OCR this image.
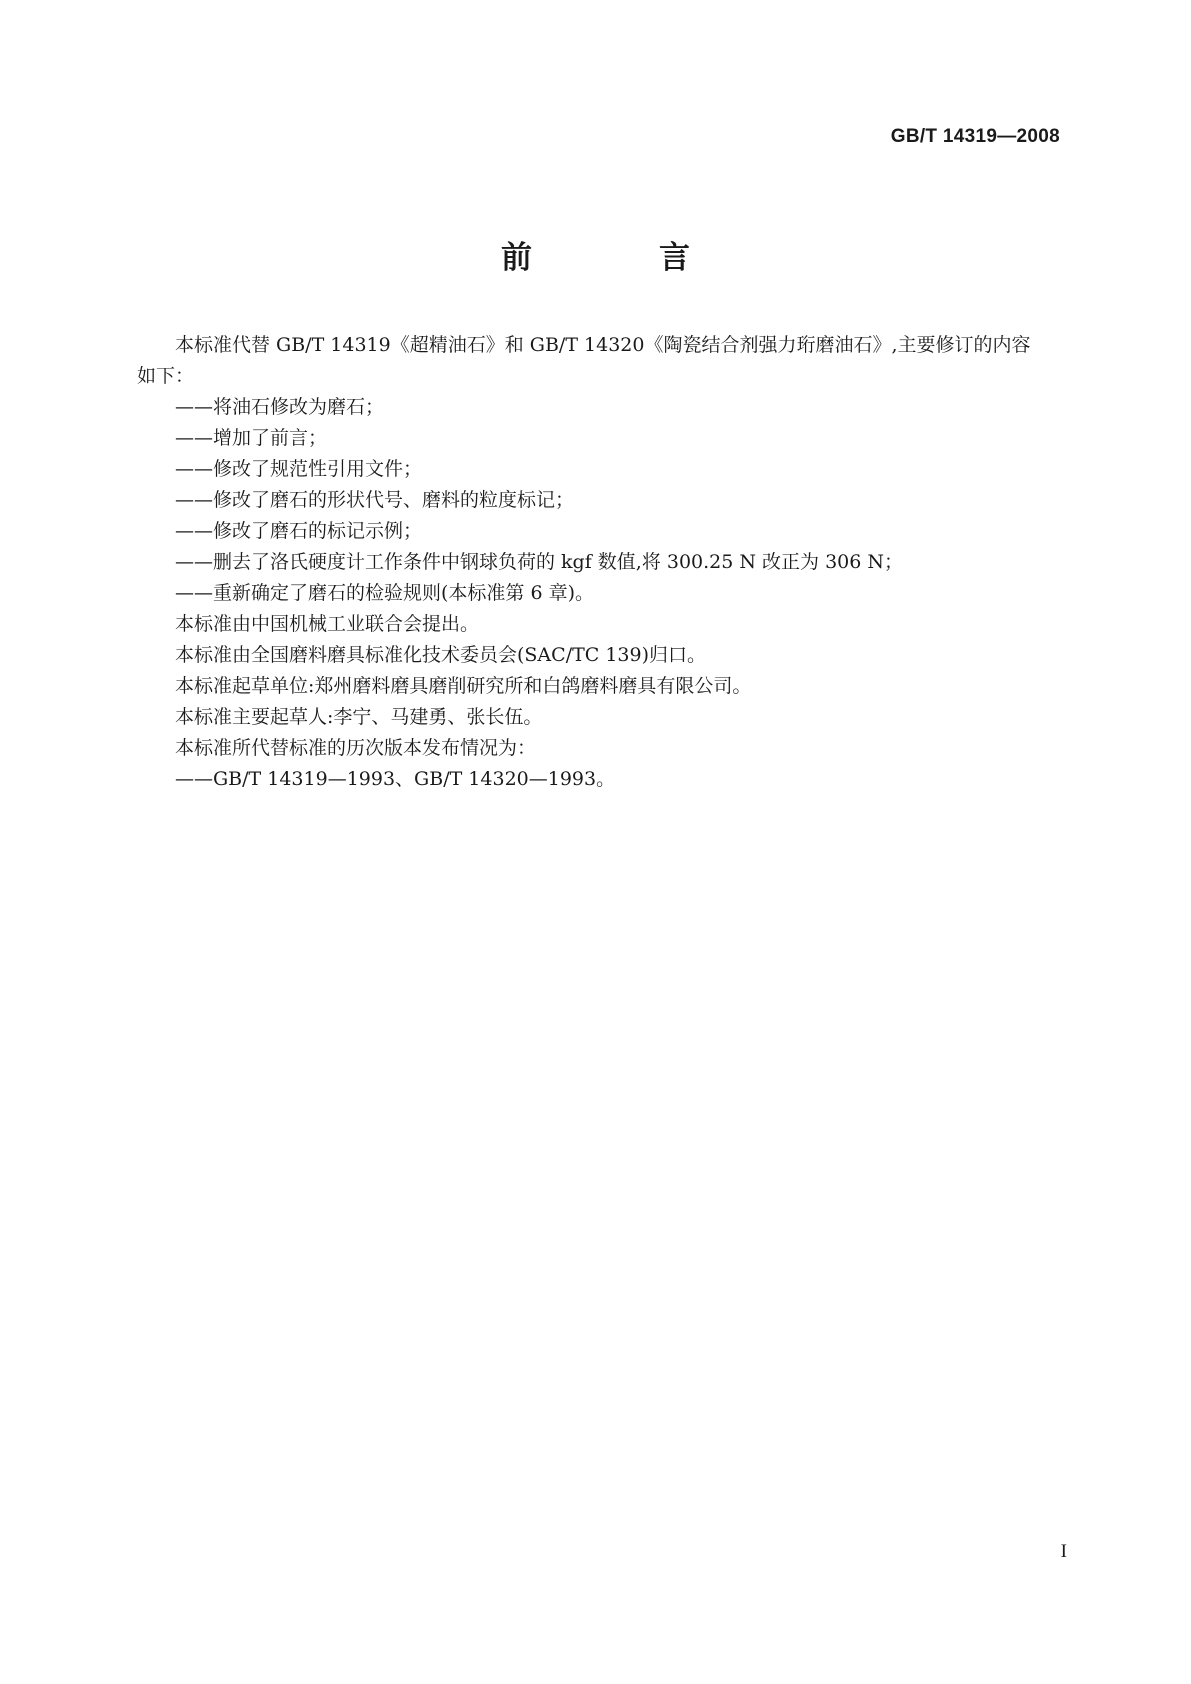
GB/T 14319—2008
前　言
本标准代替 GB/T 14319《超精油石》和 GB/T 14320《陶瓷结合剂强力珩磨油石》,主要修订的内容
如下：
——将油石修改为磨石；
——增加了前言；
——修改了规范性引用文件；
——修改了磨石的形状代号、磨料的粒度标记；
——修改了磨石的标记示例；
——删去了洛氏硬度计工作条件中钢球负荷的 kgf 数值,将 300.25 N 改正为 306 N；
——重新确定了磨石的检验规则(本标准第 6 章)。
本标准由中国机械工业联合会提出。
本标准由全国磨料磨具标准化技术委员会(SAC/TC 139)归口。
本标准起草单位:郑州磨料磨具磨削研究所和白鸽磨料磨具有限公司。
本标准主要起草人:李宁、马建勇、张长伍。
本标准所代替标准的历次版本发布情况为：
——GB/T 14319—1993、GB/T 14320—1993。
I
